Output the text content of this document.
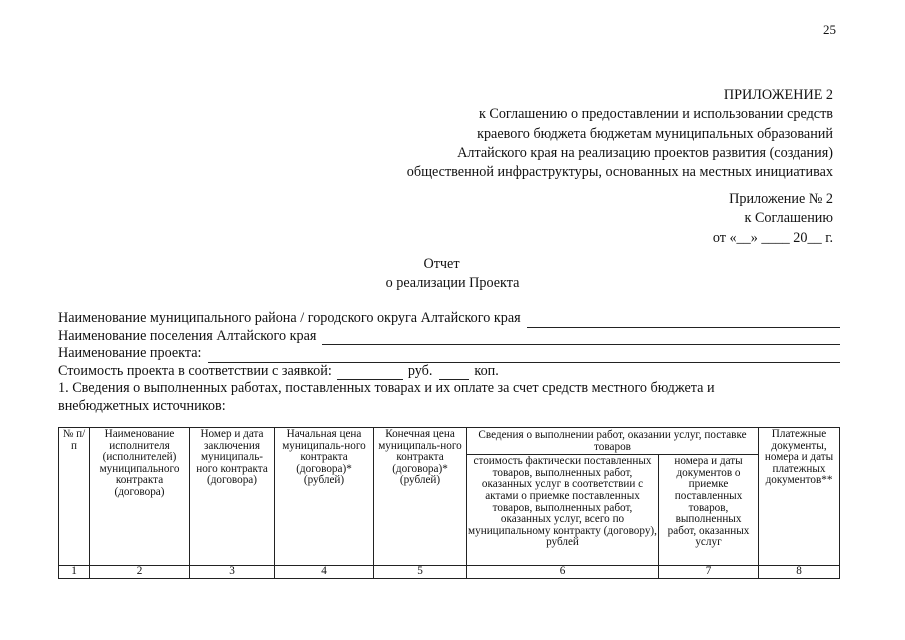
25
ПРИЛОЖЕНИЕ 2
к Соглашению о предоставлении и использовании средств
краевого бюджета бюджетам муниципальных образований
Алтайского края на реализацию проектов развития (создания)
общественной инфраструктуры, основанных на местных инициативах
Приложение № 2
к Соглашению
от «__» ____ 20__ г.
Отчет
о реализации Проекта
Наименование муниципального района / городского округа Алтайского края
Наименование поселения Алтайского края
Наименование проекта:
Стоимость проекта в соответствии с заявкой:	руб.	коп.
1. Сведения о выполненных работах, поставленных товарах и их оплате за счет средств местного бюджета и
внебюджетных источников:
№ п/п	Наименование исполнителя (исполнителей) муниципального контракта (договора)	Номер и дата заключения муниципаль-ного контракта (договора)	Начальная цена муниципаль-ного контракта (договора)* (рублей)	Конечная цена муниципаль-ного контракта (договора)* (рублей)	Сведения о выполнении работ, оказании услуг, поставке товаров		Платежные документы, номера и даты платежных документов**
					стоимость фактически поставленных товаров, выполненных работ, оказанных услуг в соответствии с актами о приемке поставленных товаров, выполненных работ, оказанных услуг, всего по муниципальному контракту (договору), рублей	номера и даты документов о приемке поставленных товаров, выполненных работ, оказанных услуг	
1	2	3	4	5	6	7	8
